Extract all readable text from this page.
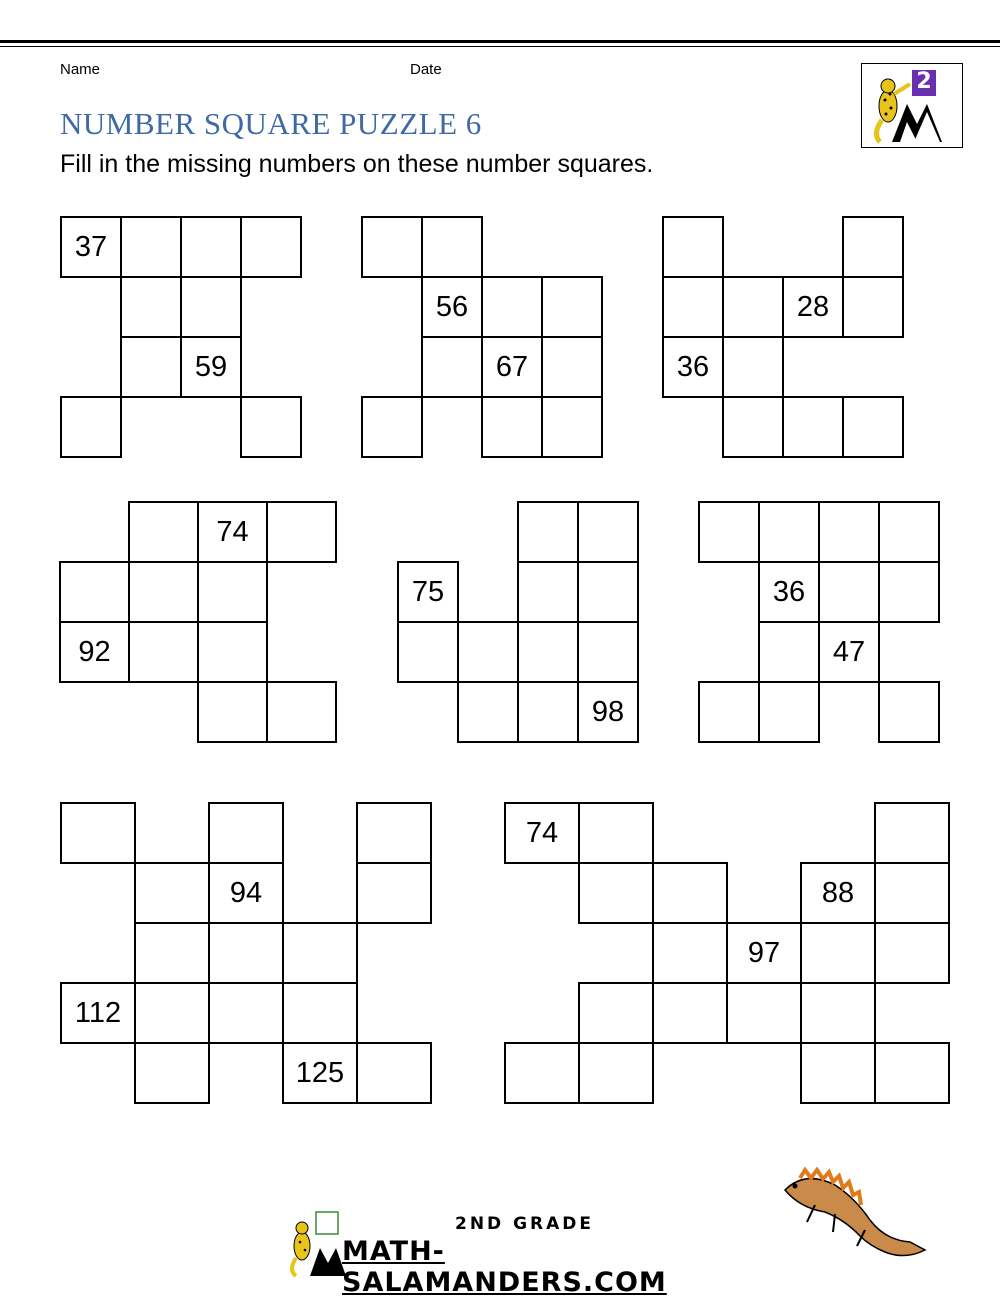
Name	Date
NUMBER SQUARE PUZZLE 6
Fill in the missing numbers on these number squares.
2
37
59
56
67
28
36
74
92
75
98
36
47
94
112
125
74
88
97
2ND GRADE
MATH-SALAMANDERS.COM
